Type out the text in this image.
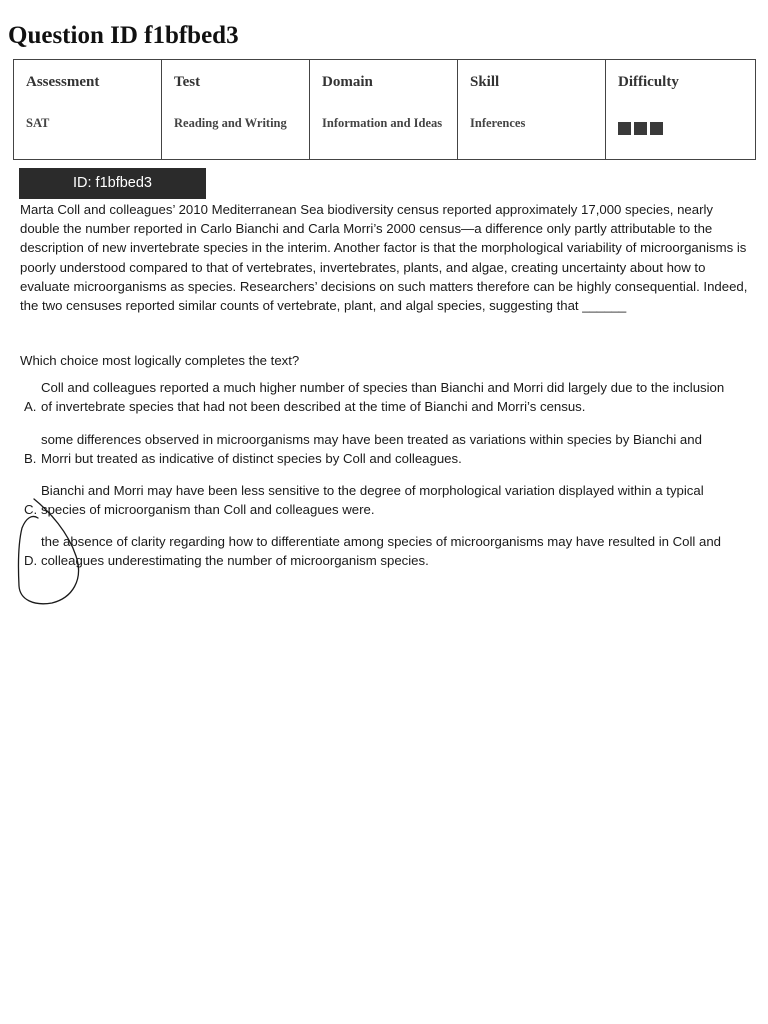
Question ID f1bfbed3
Assessment	Test	Domain	Skill	Difficulty
SAT	Reading and Writing	Information and Ideas	Inferences	
ID: f1bfbed3

Marta Coll and colleagues’ 2010 Mediterranean Sea biodiversity census reported approximately 17,000 species, nearly double the number reported in Carlo Bianchi and Carla Morri’s 2000 census—a difference only partly attributable to the description of new invertebrate species in the interim. Another factor is that the morphological variability of microorganisms is poorly understood compared to that of vertebrates, invertebrates, plants, and algae, creating uncertainty about how to evaluate microorganisms as species. Researchers’ decisions on such matters therefore can be highly consequential. Indeed, the two censuses reported similar counts of vertebrate, plant, and algal species, suggesting that ______

Which choice most logically completes the text?

Coll and colleagues reported a much higher number of species than Bianchi and Morri did largely due to the inclusion
A. of invertebrate species that had not been described at the time of Bianchi and Morri’s census.
some differences observed in microorganisms may have been treated as variations within species by Bianchi and
B. Morri but treated as indicative of distinct species by Coll and colleagues.
Bianchi and Morri may have been less sensitive to the degree of morphological variation displayed within a typical
C. species of microorganism than Coll and colleagues were.
the absence of clarity regarding how to differentiate among species of microorganisms may have resulted in Coll and
D. colleagues underestimating the number of microorganism species.
